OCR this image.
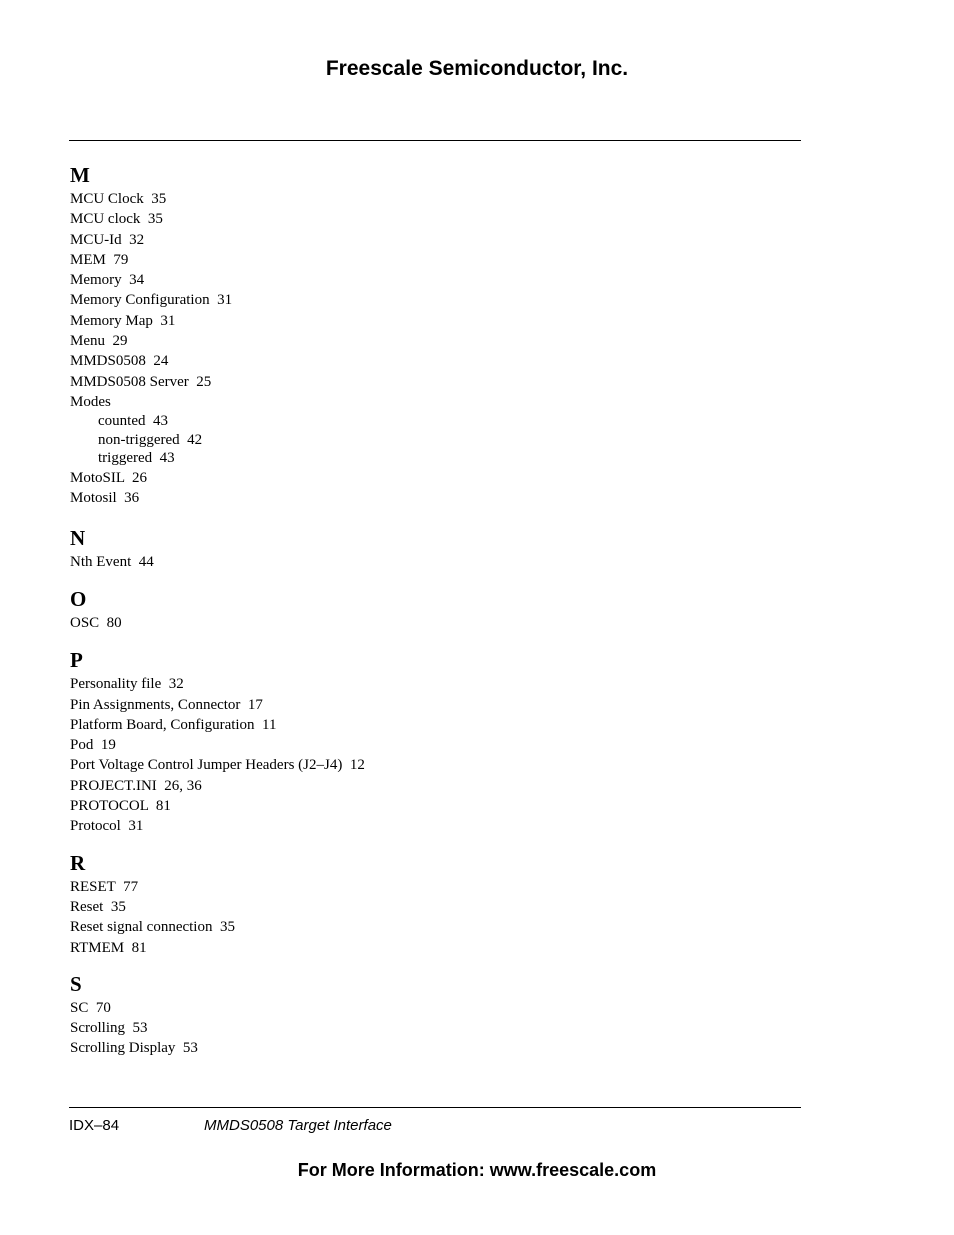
Freescale Semiconductor, Inc.
M
MCU Clock  35
MCU clock  35
MCU-Id  32
MEM  79
Memory  34
Memory Configuration  31
Memory Map  31
Menu  29
MMDS0508  24
MMDS0508 Server  25
Modes
counted  43
non-triggered  42
triggered  43
MotoSIL  26
Motosil  36
N
Nth Event  44
O
OSC  80
P
Personality file  32
Pin Assignments, Connector  17
Platform Board, Configuration  11
Pod  19
Port Voltage Control Jumper Headers (J2–J4)  12
PROJECT.INI  26, 36
PROTOCOL  81
Protocol  31
R
RESET  77
Reset  35
Reset signal connection  35
RTMEM  81
S
SC  70
Scrolling  53
Scrolling Display  53
IDX–84	MMDS0508 Target Interface
For More Information: www.freescale.com
